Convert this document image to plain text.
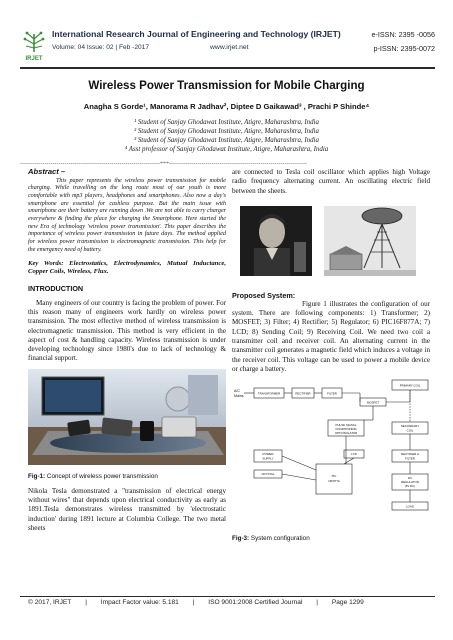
IRJET
International Research Journal of Engineering and Technology (IRJET)	e-ISSN: 2395 -0056
Volume: 04 Issue: 02 | Feb -2017	www.irjet.net	p-ISSN: 2395-0072
Wireless Power Transmission for Mobile Charging
Anagha S Gorde¹, Manorama R Jadhav², Diptee D Gaikawad³ , Prachi P Shinde⁴
¹ Student of Sanjay Ghodawat Institute, Atigre, Maharashtra, India
² Student of Sanjay Ghodawat Institute, Atigre, Maharashtra, India
³ Student of Sanjay Ghodawat Institute, Atigre, Maharashtra, India
⁴ Asst professor of Sanjay Ghodawat Institute, Atigre, Maharashtra, India
---------------------------------------------------------------------***--------------------------------------------------------------------
Abstract –
This paper represents the wireless power transmission for mobile charging. While travelling on the long route most of our youth is more comfortable with mp3 players, headphones and smartphones. Also now a day's smartphone are essential for cashless purpose. But the main issue with smartphone are their battery are running down .We are not able to carry charger everywhere & finding the place for charging the Smartphone. Here started the new Era of technology 'wireless power transmission'. This paper describes the importance of wireless power transmission in future days. The method applied for wireless power transmission is electromagnetic transmission. This help for the emergency need of battery.
Key Words: Electrostatics, Electrodynamics, Mutual Inductance, Copper Coils, Wireless, Flux.
INTRODUCTION
Many engineers of our country is facing the problem of power. For this reason many of engineers work hardly on wireless power transmission. The most effective method of wireless transmission is electromagnetic transmission. This method is very efficient in the aspect of cost & handling capacity. Wireless transmission is under developing technology since 1980's due to lack of technology & financial support.
Fig-1: Concept of wireless power transmission
Nikola Tesla demonstrated a "transmission of electrical energy without wires" that depends upon electrical conductivity as early as 1891.Tesla demonstrates wireless transmitted by 'electrostatic induction' during 1891 lecture at Columbia College. The two metal sheets
are connected to Tesla coil oscillator which applies high Voltage radio frequency alternating current. An oscillating electric field between the sheets.
Proposed System:
Figure 1 illustrates the configuration of our system. There are following components: 1) Transformer; 2) MOSFET; 3) Filter; 4) Rectifier; 5) Regulator; 6) PIC16F877A; 7) LCD; 8) Sending Coil; 9) Receiving Coil. We need two coil a transmitter coil and receiver coil. An alternating current in the transmitter coil generates a magnetic field which induces a voltage in the receiver coil. This voltage can be used to power a mobile device or charge a battery.
A/C
Mains
TRANSFORMER	RECTIFIER	FILTER
PRIMARY COIL
MOSFET
PULSE SIGNAL
CONDITIONING
OPTOISOLATOR
SECONDARY
COIL
POWER
SUPPLY
LCD	RECTIFIER &
FILTER
CRYSTAL	PIC
16F877A
DC
REGULATOR
(5V DC)
LOAD
Fig-3: System configuration
© 2017, IRJET | Impact Factor value: 5.181 | ISO 9001:2008 Certified Journal | Page 1299
